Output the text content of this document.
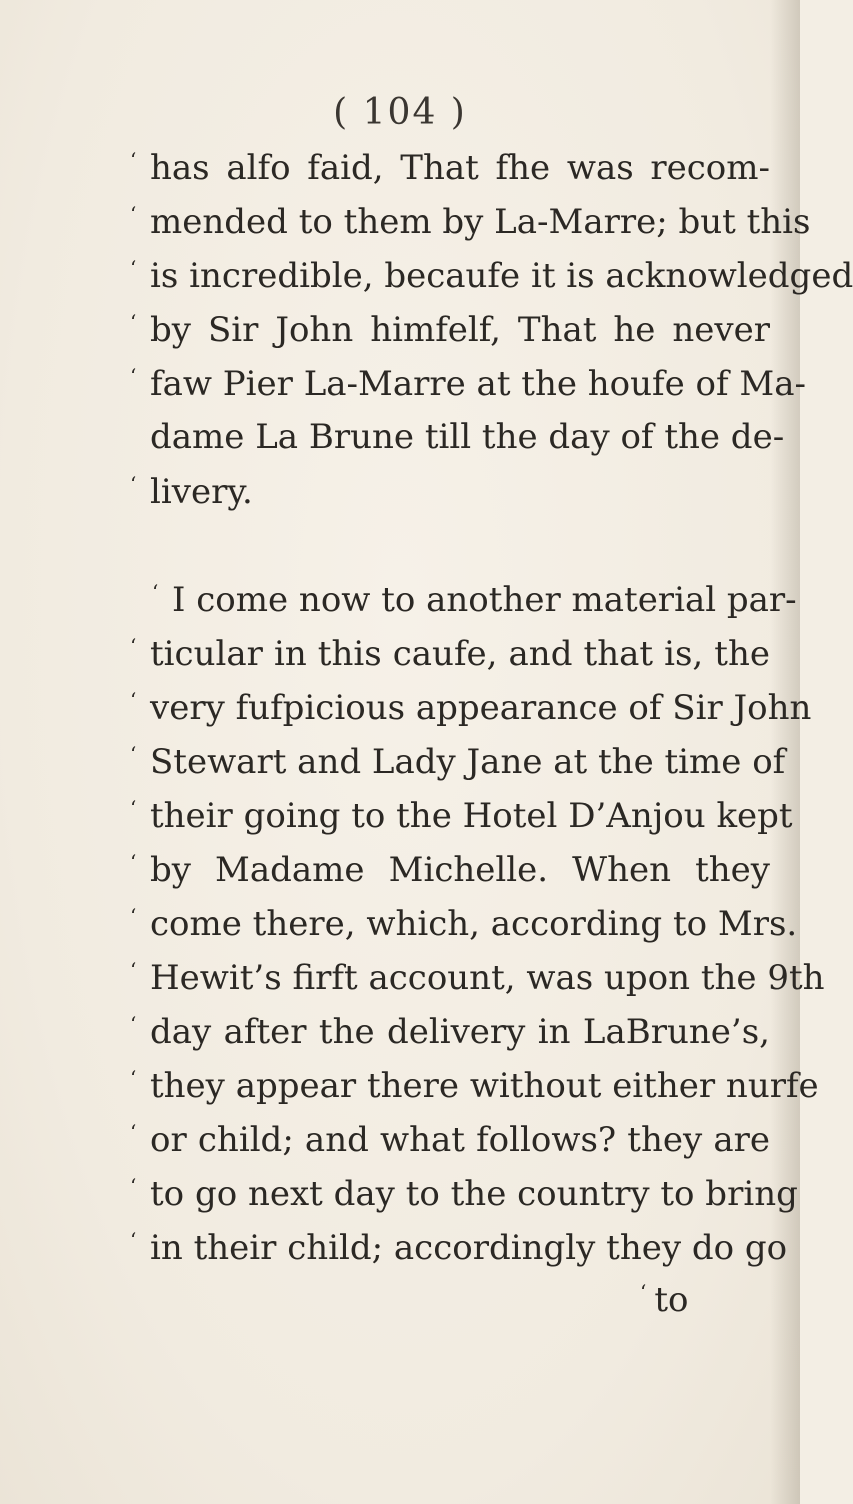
( 104 )
‘ has alfo faid, That fhe was recom-
‘ mended to them by La-Marre; but this
‘ is incredible, becaufe it is acknowledged
‘ by Sir John himfelf, That he never
‘ faw Pier La-Marre at the houfe of Ma-
dame La Brune till the day of the de-
‘ livery.
‘ I come now to another material par-
‘ ticular in this caufe, and that is, the
‘ very fufpicious appearance of Sir John
‘ Stewart and Lady Jane at the time of
‘ their going to the Hotel D’Anjou kept
‘ by Madame Michelle. When they
‘ come there, which, according to Mrs.
‘ Hewit’s firft account, was upon the 9th
‘ day after the delivery in LaBrune’s,
‘ they appear there without either nurfe
‘ or child; and what follows? they are
‘ to go next day to the country to bring
‘ in their child; accordingly they do go
‘ to
